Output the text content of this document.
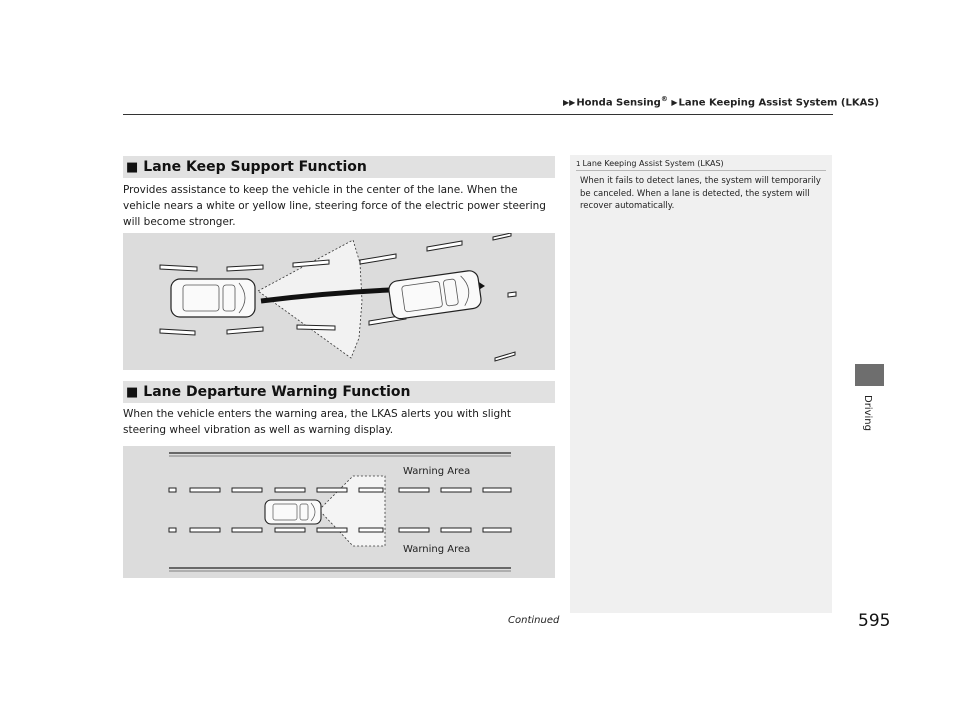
▶▶Honda Sensing® ▶Lane Keeping Assist System (LKAS)
■ Lane Keep Support Function
Provides assistance to keep the vehicle in the center of the lane. When the vehicle nears a white or yellow line, steering force of the electric power steering will become stronger.
■ Lane Departure Warning Function
When the vehicle enters the warning area, the LKAS alerts you with slight steering wheel vibration as well as warning display.
Warning Area
Warning Area
1 Lane Keeping Assist System (LKAS)
When it fails to detect lanes, the system will temporarily be canceled. When a lane is detected, the system will recover automatically.
Driving
Continued	595
